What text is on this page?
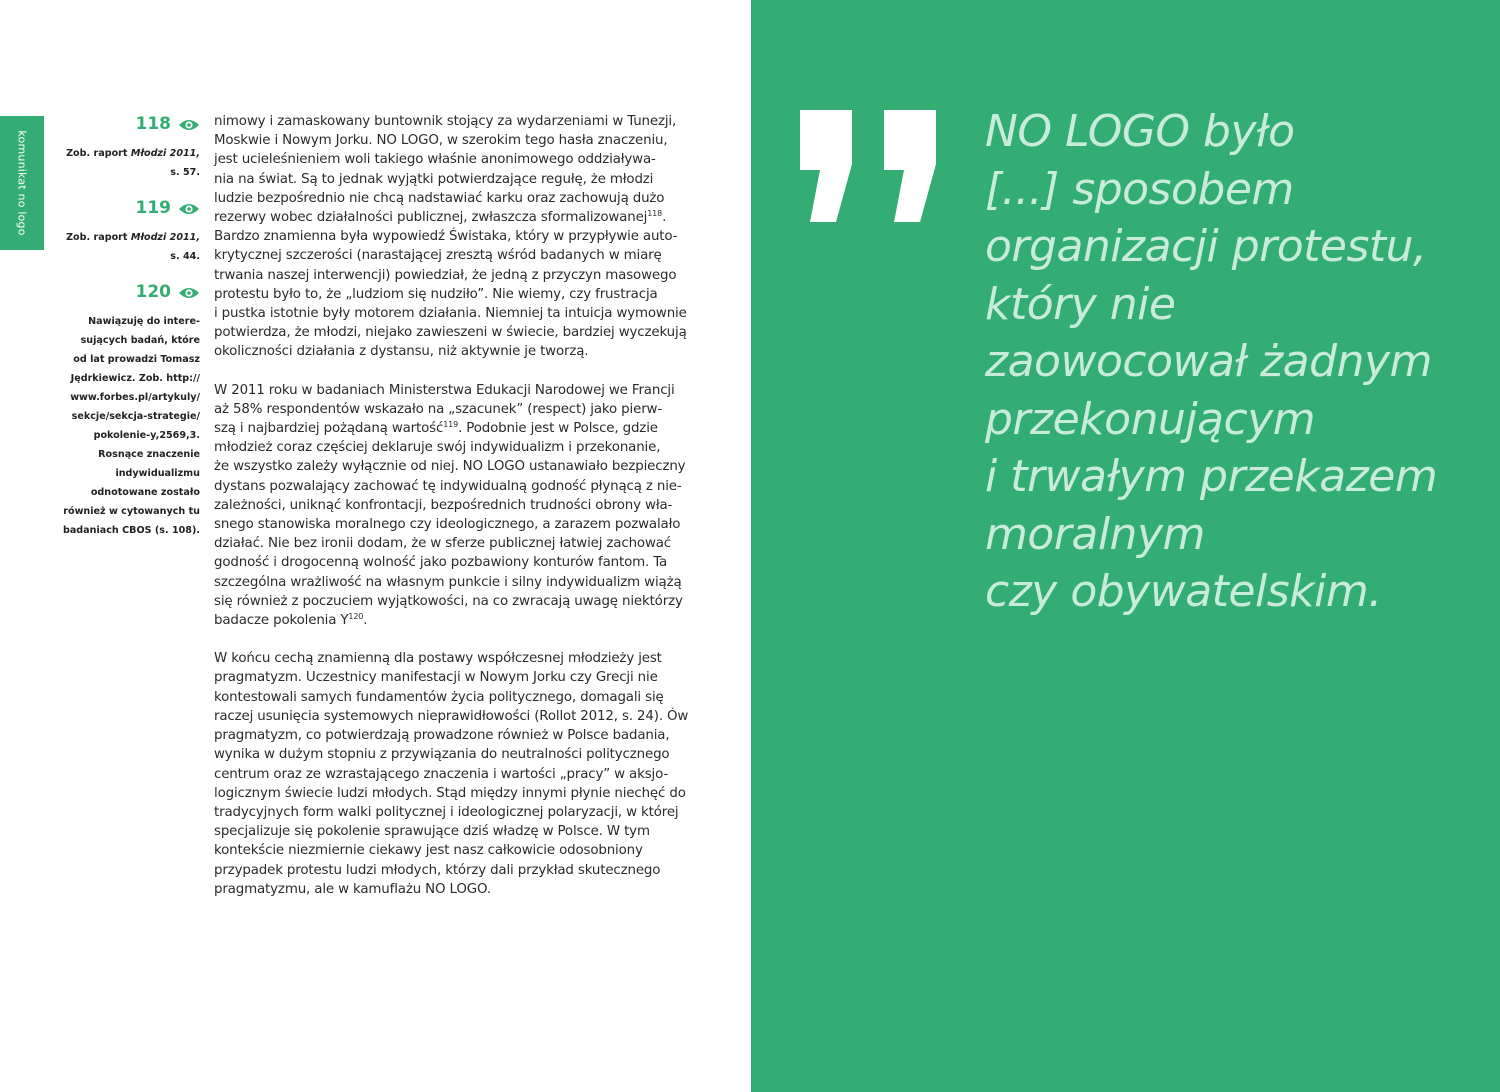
komunikat no logo
118
Zob. raport Młodzi 2011,
s. 57.
119
Zob. raport Młodzi 2011,
s. 44.
120
Nawiązuję do intere-
sujących badań, które
od lat prowadzi Tomasz
Jędrkiewicz. Zob. http://
www.forbes.pl/artykuly/
sekcje/sekcja-strategie/
pokolenie-y,2569,3.
Rosnące znaczenie
indywidualizmu
odnotowane zostało
również w cytowanych tu
badaniach CBOS (s. 108).

nimowy i zamaskowany buntownik stojący za wydarzeniami w Tunezji,

Moskwie i Nowym Jorku. NO LOGO, w szerokim tego hasła znaczeniu,

jest ucieleśnieniem woli takiego właśnie anonimowego oddziaływa-

nia na świat. Są to jednak wyjątki potwierdzające regułę, że młodzi

ludzie bezpośrednio nie chcą nadstawiać karku oraz zachowują dużo

rezerwy wobec działalności publicznej, zwłaszcza sformalizowanej$^{118}$.

Bardzo znamienna była wypowiedź Świstaka, który w przypływie auto-

krytycznej szczerości (narastającej zresztą wśród badanych w miarę

trwania naszej interwencji) powiedział, że jedną z przyczyn masowego

protestu było to, że „ludziom się nudziło”. Nie wiemy, czy frustracja

i pustka istotnie były motorem działania. Niemniej ta intuicja wymownie

potwierdza, że młodzi, niejako zawieszeni w świecie, bardziej wyczekują

okoliczności działania z dystansu, niż aktywnie je tworzą.

W 2011 roku w badaniach Ministerstwa Edukacji Narodowej we Francji

aż 58% respondentów wskazało na „szacunek” (respect) jako pierw-

szą i najbardziej pożądaną wartość$^{119}$. Podobnie jest w Polsce, gdzie

młodzież coraz częściej deklaruje swój indywidualizm i przekonanie,

że wszystko zależy wyłącznie od niej. NO LOGO ustanawiało bezpieczny

dystans pozwalający zachować tę indywidualną godność płynącą z nie-

zależności, uniknąć konfrontacji, bezpośrednich trudności obrony wła-

snego stanowiska moralnego czy ideologicznego, a zarazem pozwalało

działać. Nie bez ironii dodam, że w sferze publicznej łatwiej zachować

godność i drogocenną wolność jako pozbawiony konturów fantom. Ta

szczególna wrażliwość na własnym punkcie i silny indywidualizm wiążą

się również z poczuciem wyjątkowości, na co zwracają uwagę niektórzy

badacze pokolenia $Y^{120}$.

W końcu cechą znamienną dla postawy współczesnej młodzieży jest

pragmatyzm. Uczestnicy manifestacji w Nowym Jorku czy Grecji nie

kontestowali samych fundamentów życia politycznego, domagali się

raczej usunięcia systemowych nieprawidłowości (Rollot 2012, s. 24). Ów

pragmatyzm, co potwierdzają prowadzone również w Polsce badania,

wynika w dużym stopniu z przywiązania do neutralności politycznego

centrum oraz ze wzrastającego znaczenia i wartości „pracy” w aksjo-

logicznym świecie ludzi młodych. Stąd między innymi płynie niechęć do

tradycyjnych form walki politycznej i ideologicznej polaryzacji, w której

specjalizuje się pokolenie sprawujące dziś władzę w Polsce. W tym

kontekście niezmiernie ciekawy jest nasz całkowicie odosobniony

przypadek protestu ludzi młodych, którzy dali przykład skutecznego

pragmatyzmu, ale w kamuflażu NO LOGO.

NO LOGO było
[...] sposobem
organizacji protestu,
który nie
zaowocował żadnym
przekonującym
i trwałym przekazem
moralnym
czy obywatelskim.
